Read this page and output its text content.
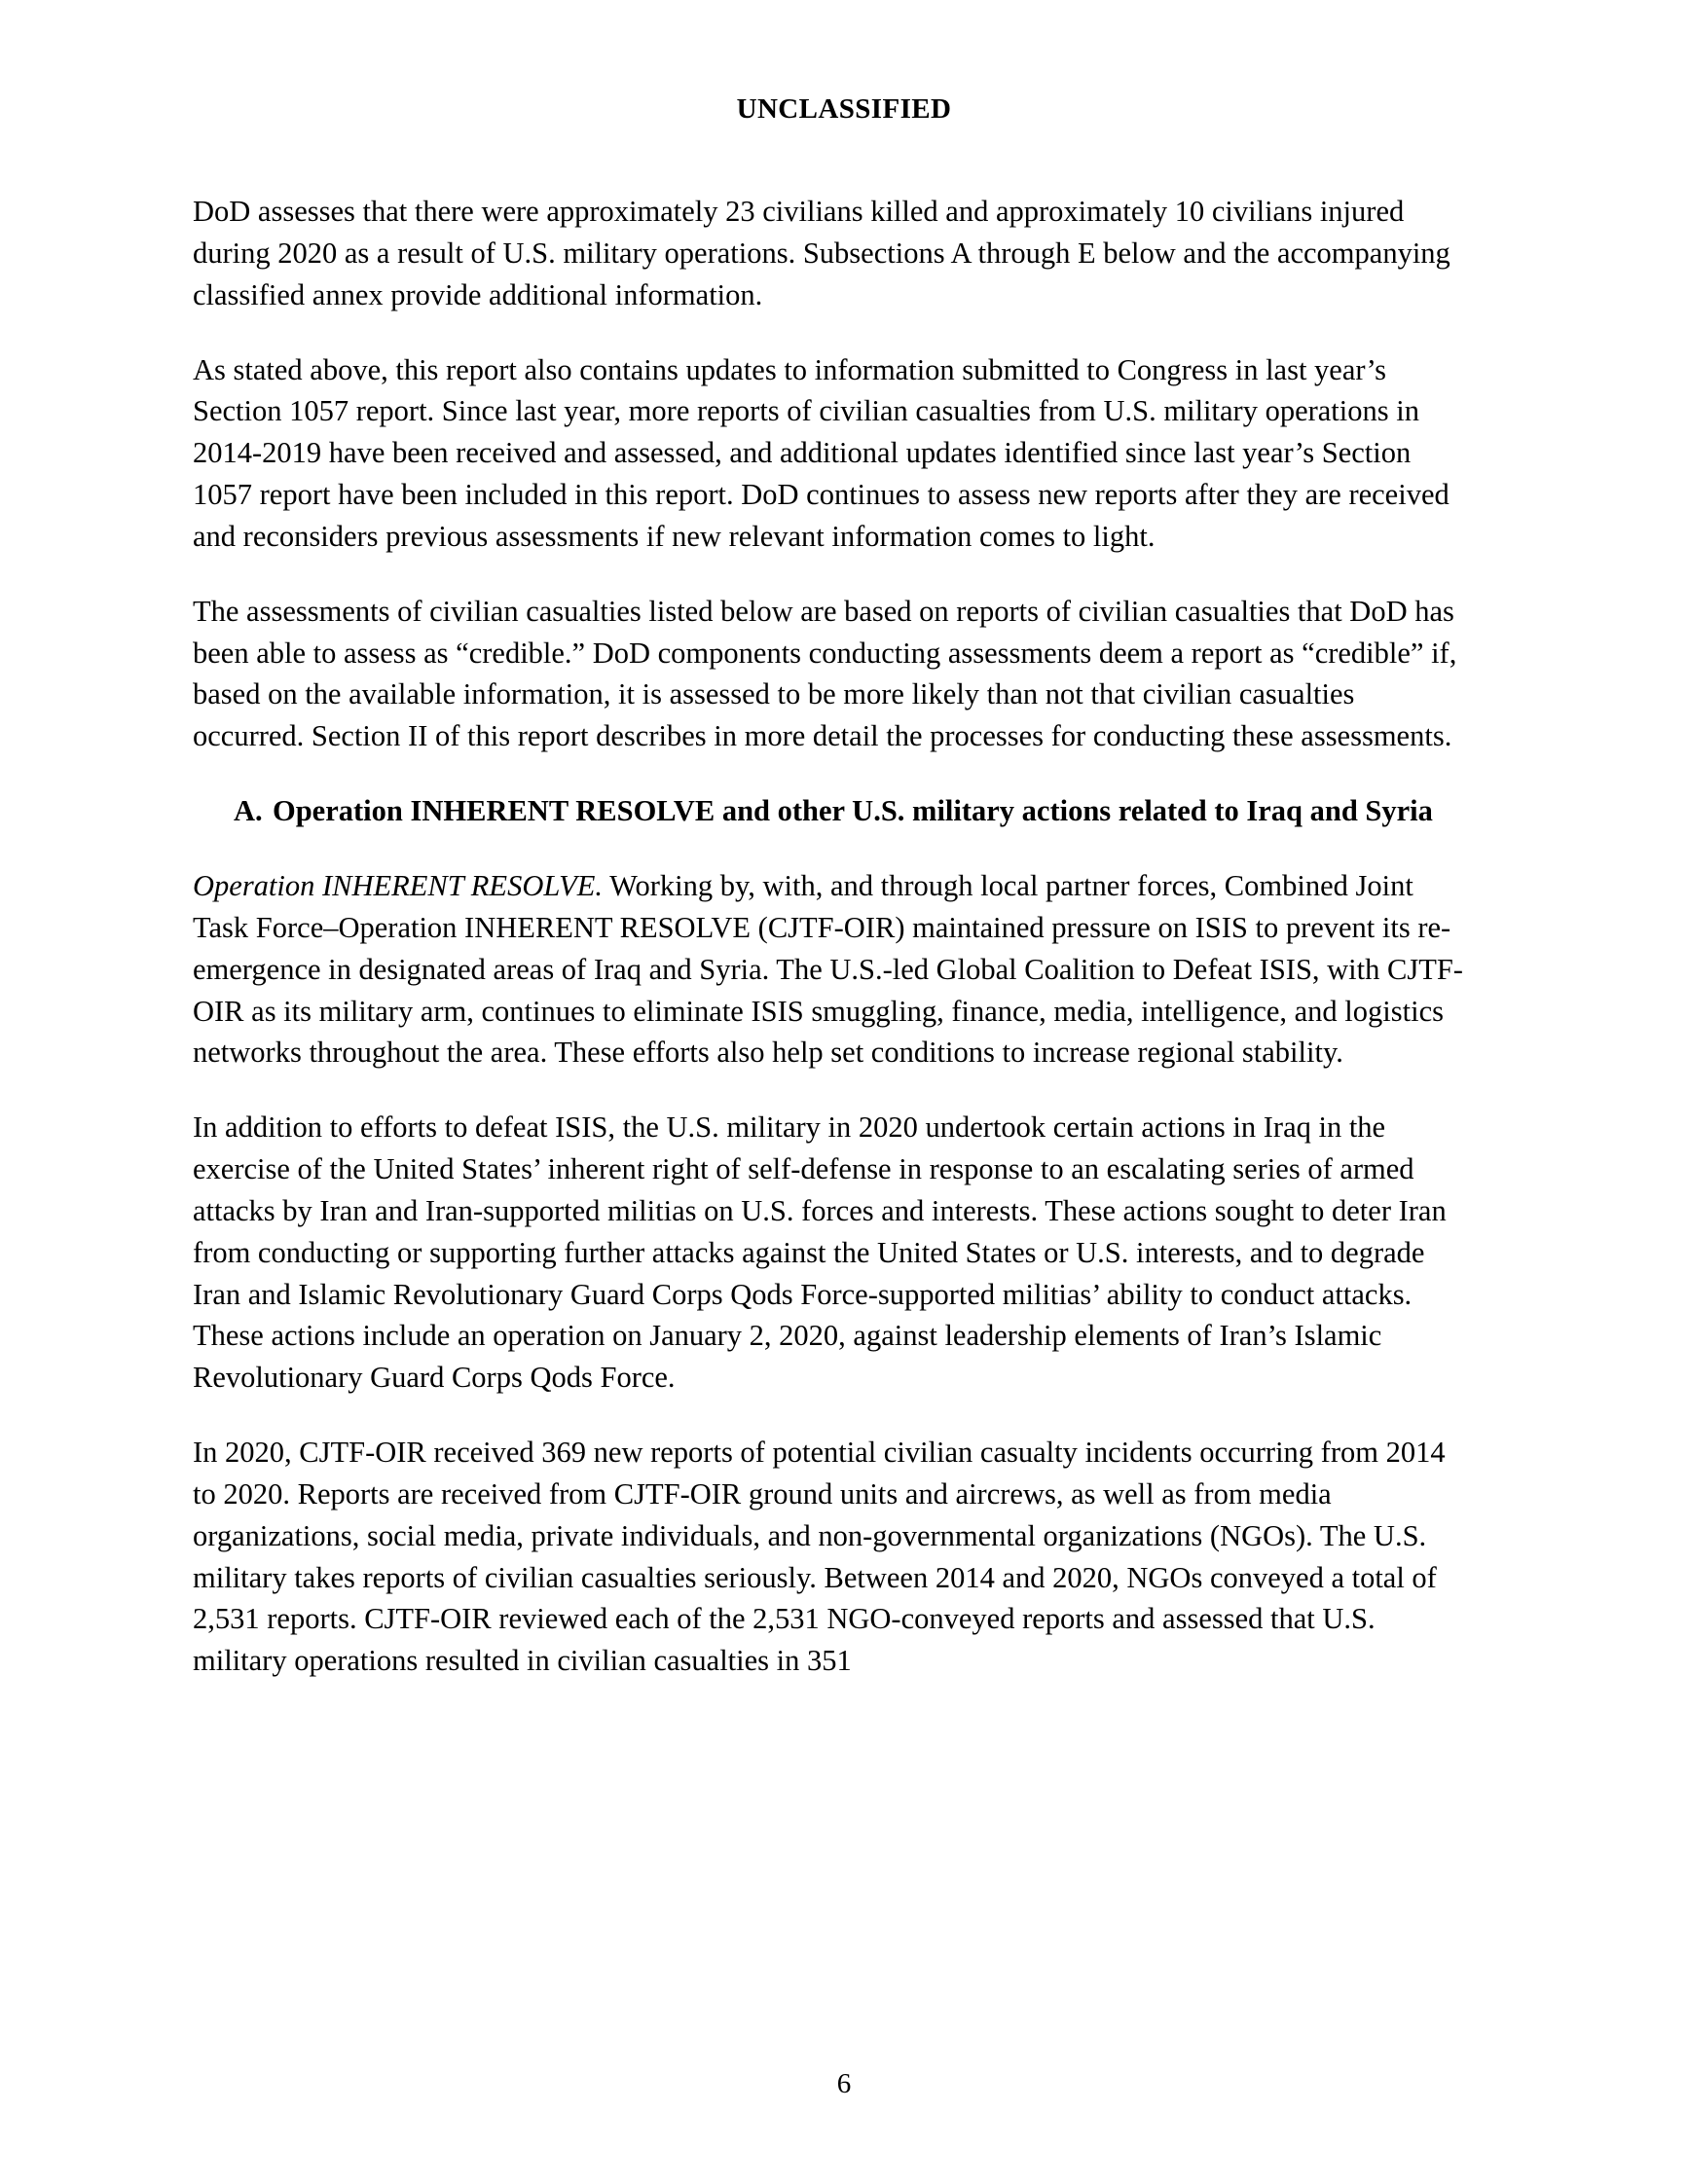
UNCLASSIFIED

DoD assesses that there were approximately 23 civilians killed and approximately 10 civilians injured during 2020 as a result of U.S. military operations. Subsections A through E below and the accompanying classified annex provide additional information.

As stated above, this report also contains updates to information submitted to Congress in last year’s Section 1057 report. Since last year, more reports of civilian casualties from U.S. military operations in 2014-2019 have been received and assessed, and additional updates identified since last year’s Section 1057 report have been included in this report. DoD continues to assess new reports after they are received and reconsiders previous assessments if new relevant information comes to light.

The assessments of civilian casualties listed below are based on reports of civilian casualties that DoD has been able to assess as “credible.” DoD components conducting assessments deem a report as “credible” if, based on the available information, it is assessed to be more likely than not that civilian casualties occurred. Section II of this report describes in more detail the processes for conducting these assessments.

A. Operation INHERENT RESOLVE and other U.S. military actions related to Iraq and Syria

Operation INHERENT RESOLVE. Working by, with, and through local partner forces, Combined Joint Task Force–Operation INHERENT RESOLVE (CJTF-OIR) maintained pressure on ISIS to prevent its re-emergence in designated areas of Iraq and Syria. The U.S.-led Global Coalition to Defeat ISIS, with CJTF-OIR as its military arm, continues to eliminate ISIS smuggling, finance, media, intelligence, and logistics networks throughout the area. These efforts also help set conditions to increase regional stability.

In addition to efforts to defeat ISIS, the U.S. military in 2020 undertook certain actions in Iraq in the exercise of the United States’ inherent right of self-defense in response to an escalating series of armed attacks by Iran and Iran-supported militias on U.S. forces and interests. These actions sought to deter Iran from conducting or supporting further attacks against the United States or U.S. interests, and to degrade Iran and Islamic Revolutionary Guard Corps Qods Force-supported militias’ ability to conduct attacks. These actions include an operation on January 2, 2020, against leadership elements of Iran’s Islamic Revolutionary Guard Corps Qods Force.

In 2020, CJTF-OIR received 369 new reports of potential civilian casualty incidents occurring from 2014 to 2020. Reports are received from CJTF-OIR ground units and aircrews, as well as from media organizations, social media, private individuals, and non-governmental organizations (NGOs). The U.S. military takes reports of civilian casualties seriously. Between 2014 and 2020, NGOs conveyed a total of 2,531 reports. CJTF-OIR reviewed each of the 2,531 NGO-conveyed reports and assessed that U.S. military operations resulted in civilian casualties in 351

6
